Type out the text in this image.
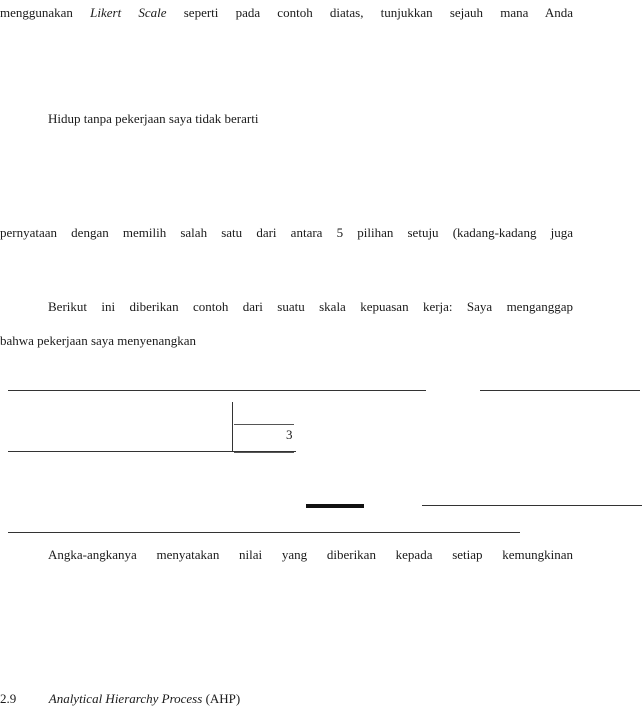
menggunakan Likert Scale seperti pada contoh diatas, tunjukkan sejauh mana Anda
Hidup tanpa pekerjaan saya tidak berarti
pernyataan dengan memilih salah satu dari antara 5 pilihan setuju (kadang-kadang juga
Berikut ini diberikan contoh dari suatu skala kepuasan kerja: Saya menganggap
bahwa pekerjaan saya menyenangkan
3
Angka-angkanya menyatakan nilai yang diberikan kepada setiap kemungkinan
2.9	Analytical Hierarchy Process (AHP)
